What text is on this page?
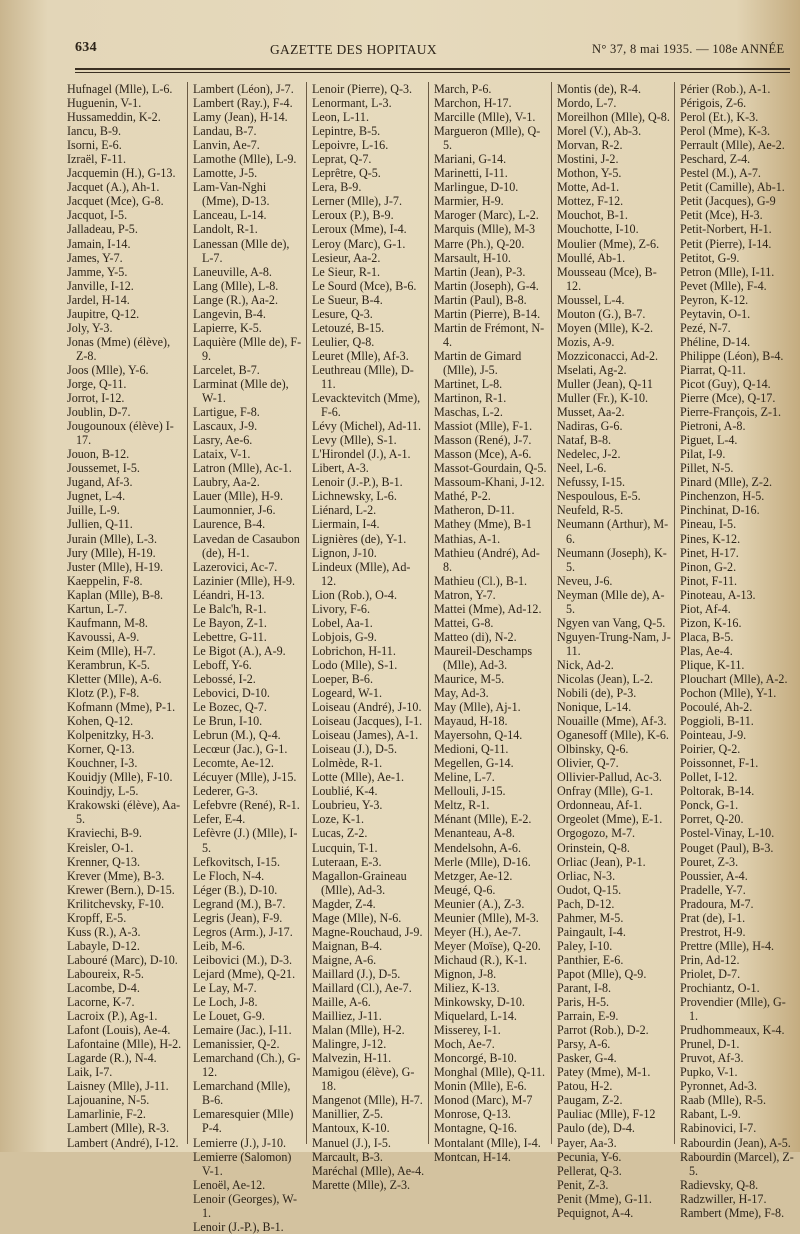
634	GAZETTE DES HOPITAUX	N° 37, 8 mai 1935. — 108e ANNÉE

Hufnagel (Mlle), L-6.

Huguenin, V-1.

Hussameddin, K-2.

Iancu, B-9.

Isorni, E-6.

Izraël, F-11.

Jacquemin (H.), G-13.

Jacquet (A.), Ah-1.

Jacquet (Mce), G-8.

Jacquot, I-5.

Jalladeau, P-5.

Jamain, I-14.

James, Y-7.

Jamme, Y-5.

Janville, I-12.

Jardel, H-14.

Jaupitre, Q-12.

Joly, Y-3.

Jonas (Mme) (élève), Z-8.

Joos (Mlle), Y-6.

Jorge, Q-11.

Jorrot, I-12.

Joublin, D-7.

Jougounoux (élève) I-17.

Jouon, B-12.

Joussemet, I-5.

Jugand, Af-3.

Jugnet, L-4.

Juille, L-9.

Jullien, Q-11.

Jurain (Mlle), L-3.

Jury (Mlle), H-19.

Juster (Mlle), H-19.

Kaeppelin, F-8.

Kaplan (Mlle), B-8.

Kartun, L-7.

Kaufmann, M-8.

Kavoussi, A-9.

Keim (Mlle), H-7.

Kerambrun, K-5.

Kletter (Mlle), A-6.

Klotz (P.), F-8.

Kofmann (Mme), P-1.

Kohen, Q-12.

Kolpenitzky, H-3.

Korner, Q-13.

Kouchner, I-3.

Kouidjy (Mlle), F-10.

Kouindjy, L-5.

Krakowski (élève), Aa-5.

Kraviechi, B-9.

Kreisler, O-1.

Krenner, Q-13.

Krever (Mme), B-3.

Krewer (Bern.), D-15.

Krilitchevsky, F-10.

Kropff, E-5.

Kuss (R.), A-3.

Labayle, D-12.

Labouré (Marc), D-10.

Laboureix, R-5.

Lacombe, D-4.

Lacorne, K-7.

Lacroix (P.), Ag-1.

Lafont (Louis), Ae-4.

Lafontaine (Mlle), H-2.

Lagarde (R.), N-4.

Laik, I-7.

Laisney (Mlle), J-11.

Lajouanine, N-5.

Lamarlinie, F-2.

Lambert (Mlle), R-3.

Lambert (André), I-12.

Lambert (Léon), J-7.

Lambert (Ray.), F-4.

Lamy (Jean), H-14.

Landau, B-7.

Lanvin, Ae-7.

Lamothe (Mlle), L-9.

Lamotte, J-5.

Lam-Van-Nghi (Mme), D-13.

Lanceau, L-14.

Landolt, R-1.

Lanessan (Mlle de), L-7.

Laneuville, A-8.

Lang (Mlle), L-8.

Lange (R.), Aa-2.

Langevin, B-4.

Lapierre, K-5.

Laquière (Mlle de), F-9.

Larcelet, B-7.

Larminat (Mlle de), W-1.

Lartigue, F-8.

Lascaux, J-9.

Lasry, Ae-6.

Lataix, V-1.

Latron (Mlle), Ac-1.

Laubry, Aa-2.

Lauer (Mlle), H-9.

Laumonnier, J-6.

Laurence, B-4.

Lavedan de Casaubon (de), H-1.

Lazerovici, Ac-7.

Lazinier (Mlle), H-9.

Léandri, H-13.

Le Balc'h, R-1.

Le Bayon, Z-1.

Lebettre, G-11.

Le Bigot (A.), A-9.

Leboff, Y-6.

Lebossé, I-2.

Lebovici, D-10.

Le Bozec, Q-7.

Le Brun, I-10.

Lebrun (M.), Q-4.

Lecœur (Jac.), G-1.

Lecomte, Ae-12.

Lécuyer (Mlle), J-15.

Lederer, G-3.

Lefebvre (René), R-1.

Lefer, E-4.

Lefèvre (J.) (Mlle), I-5.

Lefkovitsch, I-15.

Le Floch, N-4.

Léger (B.), D-10.

Legrand (M.), B-7.

Legris (Jean), F-9.

Legros (Arm.), J-17.

Leib, M-6.

Leibovici (M.), D-3.

Lejard (Mme), Q-21.

Le Lay, M-7.

Le Loch, J-8.

Le Louet, G-9.

Lemaire (Jac.), I-11.

Lemanissier, Q-2.

Lemarchand (Ch.), G-12.

Lemarchand (Mlle), B-6.

Lemaresquier (Mlle) P-4.

Lemierre (J.), J-10.

Lemierre (Salomon) V-1.

Lenoël, Ae-12.

Lenoir (Georges), W-1.

Lenoir (J.-P.), B-1.

Lenoir (Pierre), Q-3.

Lenormant, L-3.

Leon, L-11.

Lepintre, B-5.

Lepoivre, L-16.

Leprat, Q-7.

Leprêtre, Q-5.

Lera, B-9.

Lerner (Mlle), J-7.

Leroux (P.), B-9.

Leroux (Mme), I-4.

Leroy (Marc), G-1.

Lesieur, Aa-2.

Le Sieur, R-1.

Le Sourd (Mce), B-6.

Le Sueur, B-4.

Lesure, Q-3.

Letouzé, B-15.

Leulier, Q-8.

Leuret (Mlle), Af-3.

Leuthreau (Mlle), D-11.

Levacktevitch (Mme), F-6.

Lévy (Michel), Ad-11.

Levy (Mlle), S-1.

L'Hirondel (J.), A-1.

Libert, A-3.

Lenoir (J.-P.), B-1.

Lichnewsky, L-6.

Liénard, L-2.

Liermain, I-4.

Lignières (de), Y-1.

Lignon, J-10.

Lindeux (Mlle), Ad-12.

Lion (Rob.), O-4.

Livory, F-6.

Lobel, Aa-1.

Lobjois, G-9.

Lobrichon, H-11.

Lodo (Mlle), S-1.

Loeper, B-6.

Logeard, W-1.

Loiseau (André), J-10.

Loiseau (Jacques), I-1.

Loiseau (James), A-1.

Loiseau (J.), D-5.

Lolmède, R-1.

Lotte (Mlle), Ae-1.

Loublié, K-4.

Loubrieu, Y-3.

Loze, K-1.

Lucas, Z-2.

Lucquin, T-1.

Luteraan, E-3.

Magallon-Graineau (Mlle), Ad-3.

Magder, Z-4.

Mage (Mlle), N-6.

Magne-Rouchaud, J-9.

Maignan, B-4.

Maigne, A-6.

Maillard (J.), D-5.

Maillard (Cl.), Ae-7.

Maille, A-6.

Mailliez, J-11.

Malan (Mlle), H-2.

Malingre, J-12.

Malvezin, H-11.

Mamigou (élève), G-18.

Mangenot (Mlle), H-7.

Manillier, Z-5.

Mantoux, K-10.

Manuel (J.), I-5.

Marcault, B-3.

Maréchal (Mlle), Ae-4.

Marette (Mlle), Z-3.

March, P-6.

Marchon, H-17.

Marcille (Mlle), V-1.

Margueron (Mlle), Q-5.

Mariani, G-14.

Marinetti, I-11.

Marlingue, D-10.

Marmier, H-9.

Maroger (Marc), L-2.

Marquis (Mlle), M-3

Marre (Ph.), Q-20.

Marsault, H-10.

Martin (Jean), P-3.

Martin (Joseph), G-4.

Martin (Paul), B-8.

Martin (Pierre), B-14.

Martin de Frémont, N-4.

Martin de Gimard (Mlle), J-5.

Martinet, L-8.

Martinon, R-1.

Maschas, L-2.

Massiot (Mlle), F-1.

Masson (René), J-7.

Masson (Mce), A-6.

Massot-Gourdain, Q-5.

Massoum-Khani, J-12.

Mathé, P-2.

Matheron, D-11.

Mathey (Mme), B-1

Mathias, A-1.

Mathieu (André), Ad-8.

Mathieu (Cl.), B-1.

Matron, Y-7.

Mattei (Mme), Ad-12.

Mattei, G-8.

Matteo (di), N-2.

Maureil-Deschamps (Mlle), Ad-3.

Maurice, M-5.

May, Ad-3.

May (Mlle), Aj-1.

Mayaud, H-18.

Mayersohn, Q-14.

Medioni, Q-11.

Megellen, G-14.

Meline, L-7.

Mellouli, J-15.

Meltz, R-1.

Ménant (Mlle), E-2.

Menanteau, A-8.

Mendelsohn, A-6.

Merle (Mlle), D-16.

Metzger, Ae-12.

Meugé, Q-6.

Meunier (A.), Z-3.

Meunier (Mlle), M-3.

Meyer (H.), Ae-7.

Meyer (Moïse), Q-20.

Michaud (R.), K-1.

Mignon, J-8.

Miliez, K-13.

Minkowsky, D-10.

Miquelard, L-14.

Misserey, I-1.

Moch, Ae-7.

Moncorgé, B-10.

Monghal (Mlle), Q-11.

Monin (Mlle), E-6.

Monod (Marc), M-7

Monrose, Q-13.

Montagne, Q-16.

Montalant (Mlle), I-4.

Montcan, H-14.

Montis (de), R-4.

Mordo, L-7.

Moreilhon (Mlle), Q-8.

Morel (V.), Ab-3.

Morvan, R-2.

Mostini, J-2.

Mothon, Y-5.

Motte, Ad-1.

Mottez, F-12.

Mouchot, B-1.

Mouchotte, I-10.

Moulier (Mme), Z-6.

Moullé, Ab-1.

Mousseau (Mce), B-12.

Moussel, L-4.

Mouton (G.), B-7.

Moyen (Mlle), K-2.

Mozis, A-9.

Mozziconacci, Ad-2.

Mselati, Ag-2.

Muller (Jean), Q-11

Muller (Fr.), K-10.

Musset, Aa-2.

Nadiras, G-6.

Nataf, B-8.

Nedelec, J-2.

Neel, L-6.

Nefussy, I-15.

Nespoulous, E-5.

Neufeld, R-5.

Neumann (Arthur), M-6.

Neumann (Joseph), K-5.

Neveu, J-6.

Neyman (Mlle de), A-5.

Ngyen van Vang, Q-5.

Nguyen-Trung-Nam, J-11.

Nick, Ad-2.

Nicolas (Jean), L-2.

Nobili (de), P-3.

Nonique, L-14.

Nouaille (Mme), Af-3.

Oganesoff (Mlle), K-6.

Olbinsky, Q-6.

Olivier, Q-7.

Ollivier-Pallud, Ac-3.

Onfray (Mlle), G-1.

Ordonneau, Af-1.

Orgeolet (Mme), E-1.

Orgogozo, M-7.

Orinstein, Q-8.

Orliac (Jean), P-1.

Orliac, N-3.

Oudot, Q-15.

Pach, D-12.

Pahmer, M-5.

Paingault, I-4.

Paley, I-10.

Panthier, E-6.

Papot (Mlle), Q-9.

Parant, I-8.

Paris, H-5.

Parrain, E-9.

Parrot (Rob.), D-2.

Parsy, A-6.

Pasker, G-4.

Patey (Mme), M-1.

Patou, H-2.

Paugam, Z-2.

Pauliac (Mlle), F-12

Paulo (de), D-4.

Payer, Aa-3.

Pecunia, Y-6.

Pellerat, Q-3.

Penit, Z-3.

Penit (Mme), G-11.

Pequignot, A-4.

Périer (Rob.), A-1.

Périgois, Z-6.

Perol (Et.), K-3.

Perol (Mme), K-3.

Perrault (Mlle), Ae-2.

Peschard, Z-4.

Pestel (M.), A-7.

Petit (Camille), Ab-1.

Petit (Jacques), G-9

Petit (Mce), H-3.

Petit-Norbert, H-1.

Petit (Pierre), I-14.

Petitot, G-9.

Petron (Mlle), I-11.

Pevet (Mlle), F-4.

Peyron, K-12.

Peytavin, O-1.

Pezé, N-7.

Phéline, D-14.

Philippe (Léon), B-4.

Piarrat, Q-11.

Picot (Guy), Q-14.

Pierre (Mce), Q-17.

Pierre-François, Z-1.

Pietroni, A-8.

Piguet, L-4.

Pilat, I-9.

Pillet, N-5.

Pinard (Mlle), Z-2.

Pinchenzon, H-5.

Pinchinat, D-16.

Pineau, I-5.

Pines, K-12.

Pinet, H-17.

Pinon, G-2.

Pinot, F-11.

Pinoteau, A-13.

Piot, Af-4.

Pizon, K-16.

Placa, B-5.

Plas, Ae-4.

Plique, K-11.

Plouchart (Mlle), A-2.

Pochon (Mlle), Y-1.

Pocoulé, Ah-2.

Poggioli, B-11.

Pointeau, J-9.

Poirier, Q-2.

Poissonnet, F-1.

Pollet, I-12.

Poltorak, B-14.

Ponck, G-1.

Porret, Q-20.

Postel-Vinay, L-10.

Pouget (Paul), B-3.

Pouret, Z-3.

Poussier, A-4.

Pradelle, Y-7.

Pradoura, M-7.

Prat (de), I-1.

Prestrot, H-9.

Prettre (Mlle), H-4.

Prin, Ad-12.

Priolet, D-7.

Prochiantz, O-1.

Provendier (Mlle), G-1.

Prudhommeaux, K-4.

Prunel, D-1.

Pruvot, Af-3.

Pupko, V-1.

Pyronnet, Ad-3.

Raab (Mlle), R-5.

Rabant, L-9.

Rabinovici, I-7.

Rabourdin (Jean), A-5.

Rabourdin (Marcel), Z-5.

Radievsky, Q-8.

Radzwiller, H-17.

Rambert (Mme), F-8.
